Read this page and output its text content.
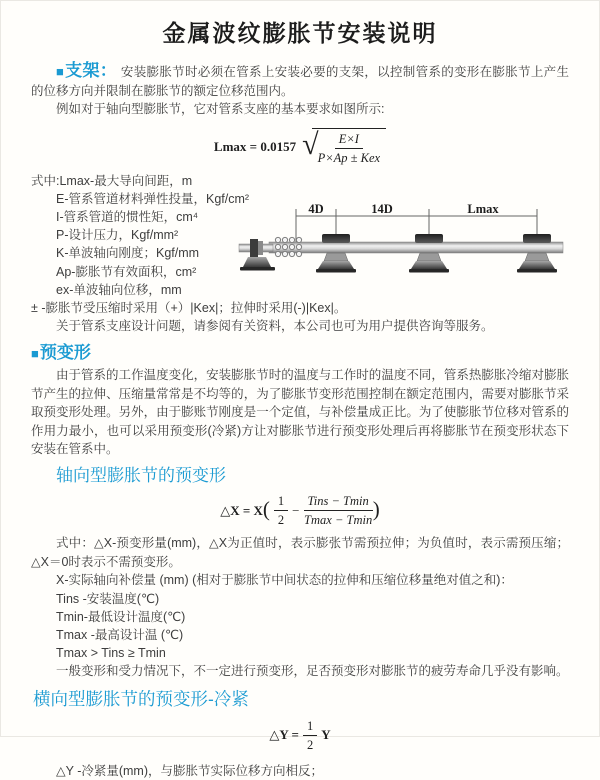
金属波纹膨胀节安装说明

■支架： 安装膨胀节时必须在管系上安装必要的支架，以控制管系的变形在膨胀节上产生的位移方向并限制在膨胀节的额定位移范围内。

例如对于轴向型膨胀节，它对管系支座的基本要求如图所示:

Lmax = 0.0157 √ $\frac{E\times I}{\text{P×Ap ± Kex}}$
式中:Lmax-最大导向间距，m
E-管系管道材料弹性投量，Kgf/cm²
I-管系管道的惯性矩，cm⁴
P-设计压力，Kgf/mm²
K-单波轴向刚度；Kgf/mm
Ap-膨胀节有效面积，cm²
ex-单波轴向位移，mm
± -膨胀节受压缩时采用（+）|Kex|；拉伸时采用(-)|Kex|。
关于管系支座设计问题，请参阅有关资料，本公司也可为用户提供咨询等服务。
4D	14D	Lmax
■预变形

由于管系的工作温度变化，安装膨胀节时的温度与工作时的温度不同，管系热膨胀冷缩对膨胀节产生的拉伸、压缩量常常是不均等的，为了膨胀节变形范围控制在额定范围内，需要对膨胀节采取预变形处理。另外，由于膨账节刚度是一个定值，与补偿量成正比。为了使膨胀节位移对管系的作用力最小，也可以采用预变形(冷紧)方让对膨胀节进行预变形处理后再将膨胀节在预变形状态下安装在管系中。

轴向型膨胀节的预变形
△X = X ( $\frac{1}{2} - \frac{\text{Tins − Tmin}}{Tmax - Tmin}$ )

式中：△X-预变形量(mm)，△X为正值时，表示膨张节需预拉伸；为负值时，表示需预压缩；△X＝0时表示不需预变形。

X-实际轴向补偿量 (mm) (相对于膨胀节中间状态的拉伸和压缩位移量绝对值之和)：
Tins -安装温度(℃)
Tmin-最低设计温度(℃)
Tmax -最高设计温 (℃)
Tmax > Tins ≥ Tmin
一般变形和受力情况下，不一定进行预变形，足否预变形对膨胀节的疲劳寿命几乎没有影响。
横向型膨胀节的预变形-冷紧
△Y = $\frac{1}{2}$ Y
△Y -冷紧量(mm)，与膨胀节实际位移方向相反；
